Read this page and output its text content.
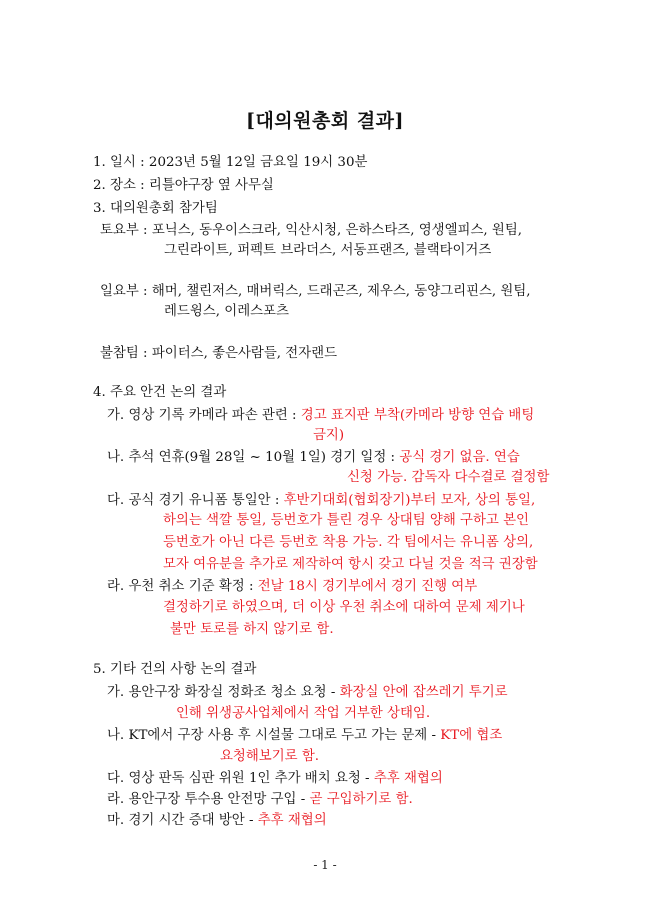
[대의원총회 결과]
1. 일시 : 2023년 5월 12일 금요일 19시 30분
2. 장소 : 리틀야구장 옆 사무실
3. 대의원총회 참가팀
토요부 : 포닉스, 동우이스크라, 익산시청, 은하스타즈, 영생엘피스, 원팀,
그린라이트, 퍼펙트 브라더스, 서동프랜즈, 블랙타이거즈
일요부 : 해머, 챌린저스, 매버릭스, 드래곤즈, 제우스, 동양그리핀스, 원팀,
레드윙스, 이레스포츠
불참팀 : 파이터스, 좋은사람들, 전자랜드
4. 주요 안건 논의 결과
가. 영상 기록 카메라 파손 관련 : 경고 표지판 부착(카메라 방향 연습 배팅
금지)
나. 추석 연휴(9월 28일 ~ 10월 1일) 경기 일정 : 공식 경기 없음. 연습
신청 가능. 감독자 다수결로 결정함
다. 공식 경기 유니폼 통일안 : 후반기대회(협회장기)부터 모자, 상의 통일,
하의는 색깔 통일, 등번호가 틀린 경우 상대팀 양해 구하고 본인
등번호가 아닌 다른 등번호 착용 가능. 각 팀에서는 유니폼 상의,
모자 여유분을 추가로 제작하여 항시 갖고 다닐 것을 적극 권장함
라. 우천 취소 기준 확정 : 전날 18시 경기부에서 경기 진행 여부
결정하기로 하였으며, 더 이상 우천 취소에 대하여 문제 제기나
불만 토로를 하지 않기로 함.
5. 기타 건의 사항 논의 결과
가. 용안구장 화장실 정화조 청소 요청 - 화장실 안에 잡쓰레기 투기로
인해 위생공사업체에서 작업 거부한 상태임.
나. KT에서 구장 사용 후 시설물 그대로 두고 가는 문제 - KT에 협조
요청해보기로 함.
다. 영상 판독 심판 위원 1인 추가 배치 요청 - 추후 재협의
라. 용안구장 투수용 안전망 구입 - 곧 구입하기로 함.
마. 경기 시간 증대 방안 - 추후 재협의
- 1 -
